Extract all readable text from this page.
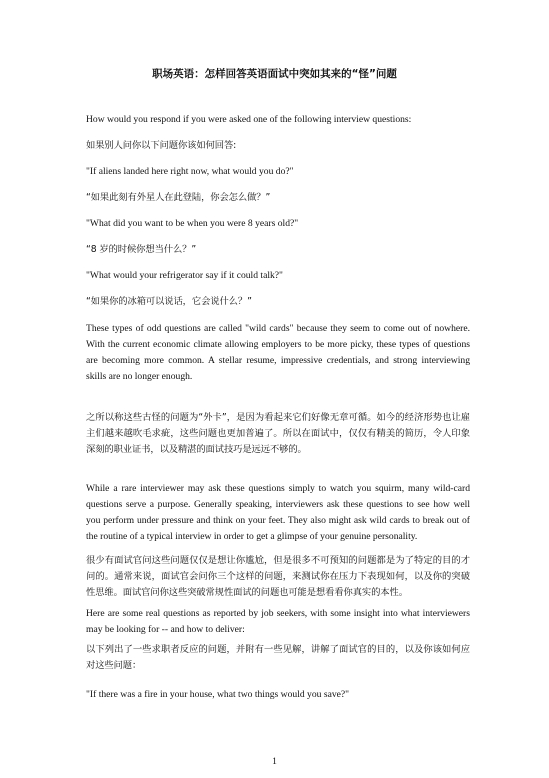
职场英语：怎样回答英语面试中突如其来的“怪”问题

How would you respond if you were asked one of the following interview questions:

如果别人问你以下问题你该如何回答:

"If aliens landed here right now, what would you do?"

“如果此刻有外星人在此登陆，你会怎么做？”

"What did you want to be when you were 8 years old?"

“8 岁的时候你想当什么？”

"What would your refrigerator say if it could talk?"

“如果你的冰箱可以说话，它会说什么？”

These types of odd questions are called "wild cards" because they seem to come out of nowhere. With the current economic climate allowing employers to be more picky, these types of questions are becoming more common. A stellar resume, impressive credentials, and strong interviewing skills are no longer enough.

之所以称这些古怪的问题为“外卡”，是因为看起来它们好像无章可循。如今的经济形势也让雇主们越来越吹毛求疵，这些问题也更加普遍了。所以在面试中，仅仅有精美的简历，令人印象深刻的职业证书，以及精湛的面试技巧是远远不够的。

While a rare interviewer may ask these questions simply to watch you squirm, many wild-card questions serve a purpose. Generally speaking, interviewers ask these questions to see how well you perform under pressure and think on your feet. They also might ask wild cards to break out of the routine of a typical interview in order to get a glimpse of your genuine personality.

很少有面试官问这些问题仅仅是想让你尴尬，但是很多不可预知的问题都是为了特定的目的才问的。通常来说，面试官会问你三个这样的问题，来测试你在压力下表现如何，以及你的突破性思维。面试官问你这些突破常规性面试的问题也可能是想看看你真实的本性。

Here are some real questions as reported by job seekers, with some insight into what interviewers may be looking for -- and how to deliver:

以下列出了一些求职者反应的问题，并附有一些见解，讲解了面试官的目的，以及你该如何应对这些问题：

"If there was a fire in your house, what two things would you save?"

1
